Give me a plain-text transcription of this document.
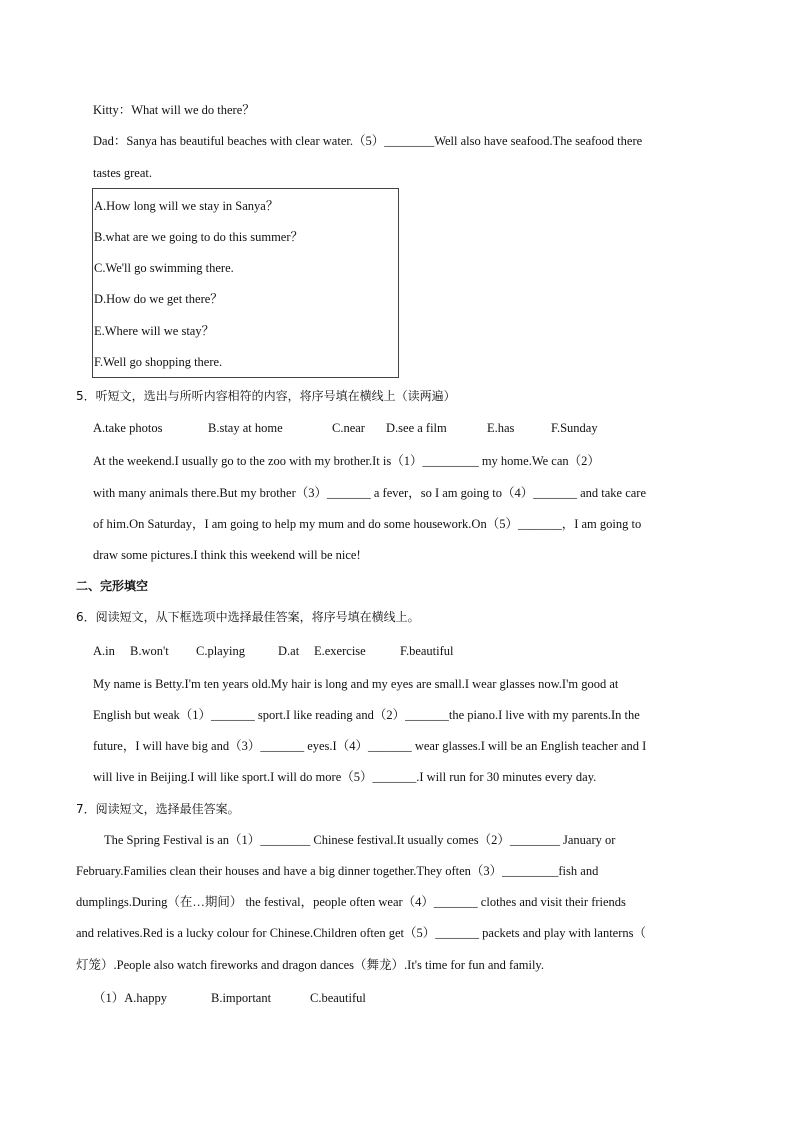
Kitty：What will we do there？
Dad：Sanya has beautiful beaches with clear water.（5）________Well also have seafood.The seafood there
tastes great.
A.How long will we stay in Sanya？
B.what are we going to do this summer？
C.We'll go swimming there.
D.How do we get there？
E.Where will we stay？
F.Well go shopping there.
5．听短文，选出与所听内容相符的内容，将序号填在横线上（读两遍）
A.take photos	B.stay at home	C.near D.see a film	E.has	F.Sunday
At the weekend.I usually go to the zoo with my brother.It is（1）_________ my home.We can（2）
with many animals there.But my brother（3）_______ a fever，so I am going to（4）_______ and take care
of him.On Saturday，I am going to help my mum and do some housework.On（5）_______，I am going to
draw some pictures.I think this weekend will be nice!
二、完形填空
6．阅读短文，从下框选项中选择最佳答案，将序号填在横线上。
A.in B.won't C.playing	D.at E.exercise	F.beautiful
My name is Betty.I'm ten years old.My hair is long and my eyes are small.I wear glasses now.I'm good at
English but weak（1）_______ sport.I like reading and（2）_______the piano.I live with my parents.In the
future，I will have big and（3）_______ eyes.I（4）_______ wear glasses.I will be an English teacher and I
will live in Beijing.I will like sport.I will do more（5）_______.I will run for 30 minutes every day.
7．阅读短文，选择最佳答案。
The Spring Festival is an（1）________ Chinese festival.It usually comes（2）________ January or
February.Families clean their houses and have a big dinner together.They often（3）_________fish and
dumplings.During（在…期间） the festival，people often wear（4）_______ clothes and visit their friends
and relatives.Red is a lucky colour for Chinese.Children often get（5）_______ packets and play with lanterns（
灯笼）.People also watch fireworks and dragon dances（舞龙）.It's time for fun and family.
（1）A.happy	B.important	C.beautiful
